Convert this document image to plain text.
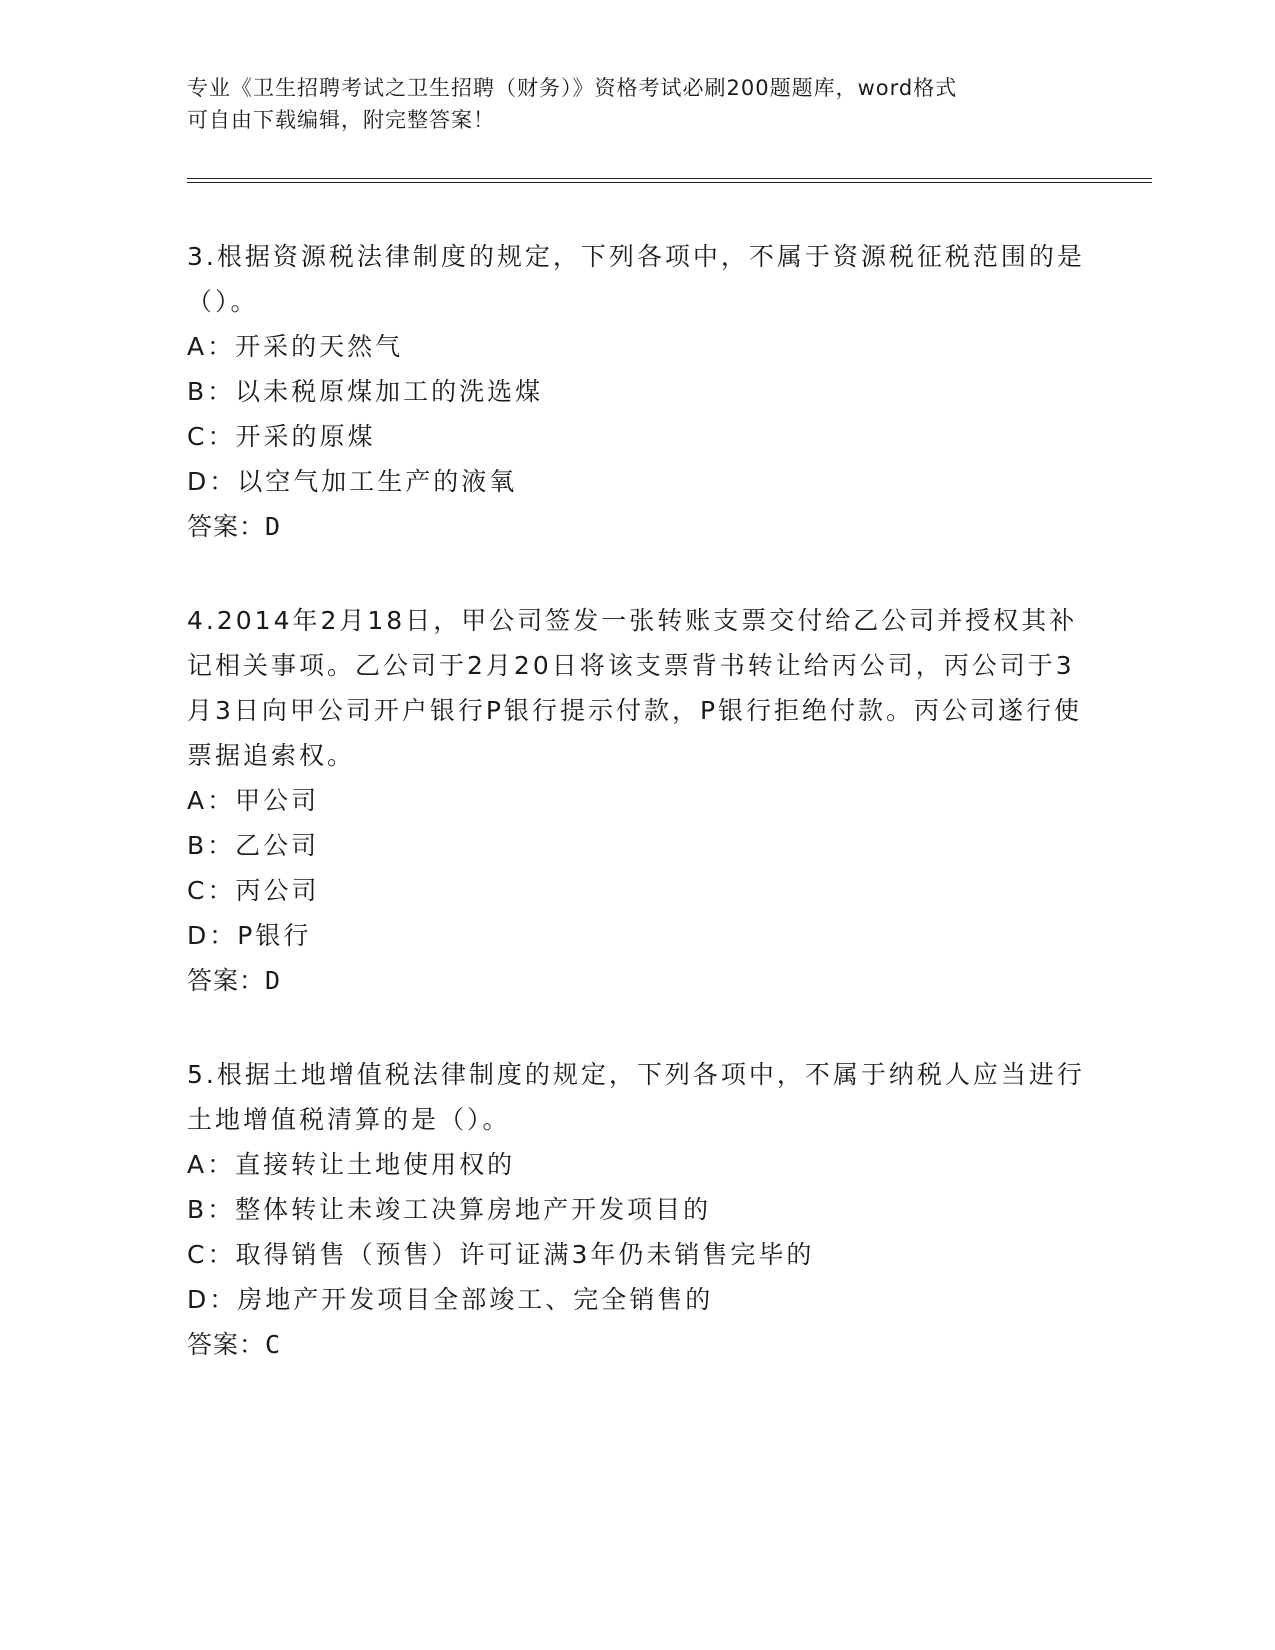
专业《卫生招聘考试之卫生招聘（财务）》资格考试必刷200题题库，word格式
可自由下载编辑，附完整答案！

3.根据资源税法律制度的规定，下列各项中，不属于资源税征税范围的是（）。

A：开采的天然气

B：以未税原煤加工的洗选煤

C：开采的原煤

D：以空气加工生产的液氧

答案：D

4.2014年2月18日，甲公司签发一张转账支票交付给乙公司并授权其补记相关事项。乙公司于2月20日将该支票背书转让给丙公司，丙公司于3月3日向甲公司开户银行P银行提示付款，P银行拒绝付款。丙公司遂行使票据追索权。

A：甲公司

B：乙公司

C：丙公司

D：P银行

答案：D

5.根据土地增值税法律制度的规定，下列各项中，不属于纳税人应当进行土地增值税清算的是（）。

A：直接转让土地使用权的

B：整体转让未竣工决算房地产开发项目的

C：取得销售（预售）许可证满3年仍未销售完毕的

D：房地产开发项目全部竣工、完全销售的

答案：C
